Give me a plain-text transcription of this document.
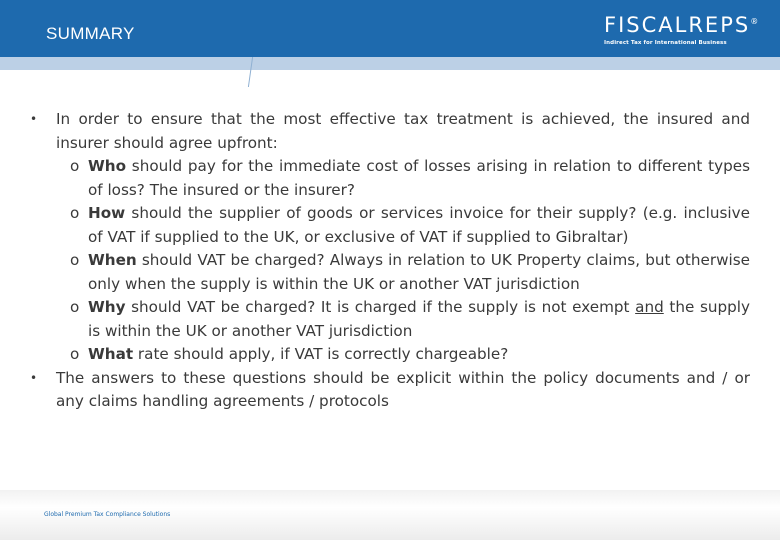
SUMMARY	FISCALREPS®
Indirect Tax for International Business
• In order to ensure that the most effective tax treatment is achieved, the insured and insurer should agree upfront:
o Who should pay for the immediate cost of losses arising in relation to different types of loss? The insured or the insurer?
o How should the supplier of goods or services invoice for their supply? (e.g. inclusive of VAT if supplied to the UK, or exclusive of VAT if supplied to Gibraltar)
o When should VAT be charged? Always in relation to UK Property claims, but otherwise only when the supply is within the UK or another VAT jurisdiction
o Why should VAT be charged? It is charged if the supply is not exempt and the supply is within the UK or another VAT jurisdiction
o What rate should apply, if VAT is correctly chargeable?
• The answers to these questions should be explicit within the policy documents and / or any claims handling agreements / protocols
Global Premium Tax Compliance Solutions
